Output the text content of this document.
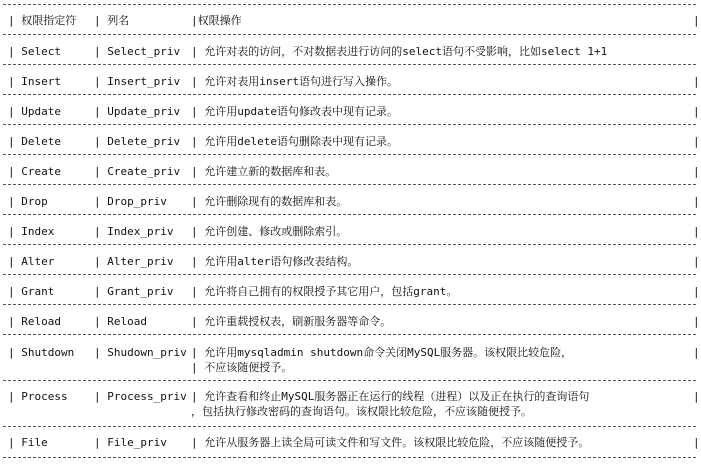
| 权限指定符 | 列名	|权限操作	|
| Select	| Select_priv | 允许对表的访问，不对数据表进行访问的select语句不受影响，比如select 1+1
| Insert	| Insert_priv | 允许对表用insert语句进行写入操作。	|
| Update	| Update_priv | 允许用update语句修改表中现有记录。	|
| Delete	| Delete_priv | 允许用delete语句删除表中现有记录。	|
| Create	| Create_priv | 允许建立新的数据库和表。	|
| Drop	| Drop_priv | 允许删除现有的数据库和表。	|
| Index	| Index_priv | 允许创建、修改或删除索引。	|
| Alter	| Alter_priv | 允许用alter语句修改表结构。	|
| Grant	| Grant_priv | 允许将自己拥有的权限授予其它用户，包括grant。	|
| Reload	| Reload	| 允许重载授权表，刷新服务器等命令。	|
| Shutdown | Shudown_priv | 允许用mysqladmin shutdown命令关闭MySQL服务器。该权限比较危险，	|
| 不应该随便授予。
| Process | Process_priv | 允许查看和终止MySQL服务器正在运行的线程（进程）以及正在执行的查询语句	|
，包括执行修改密码的查询语句。该权限比较危险，不应该随便授予。
| File	| File_priv | 允许从服务器上读全局可读文件和写文件。该权限比较危险，不应该随便授予。	|
